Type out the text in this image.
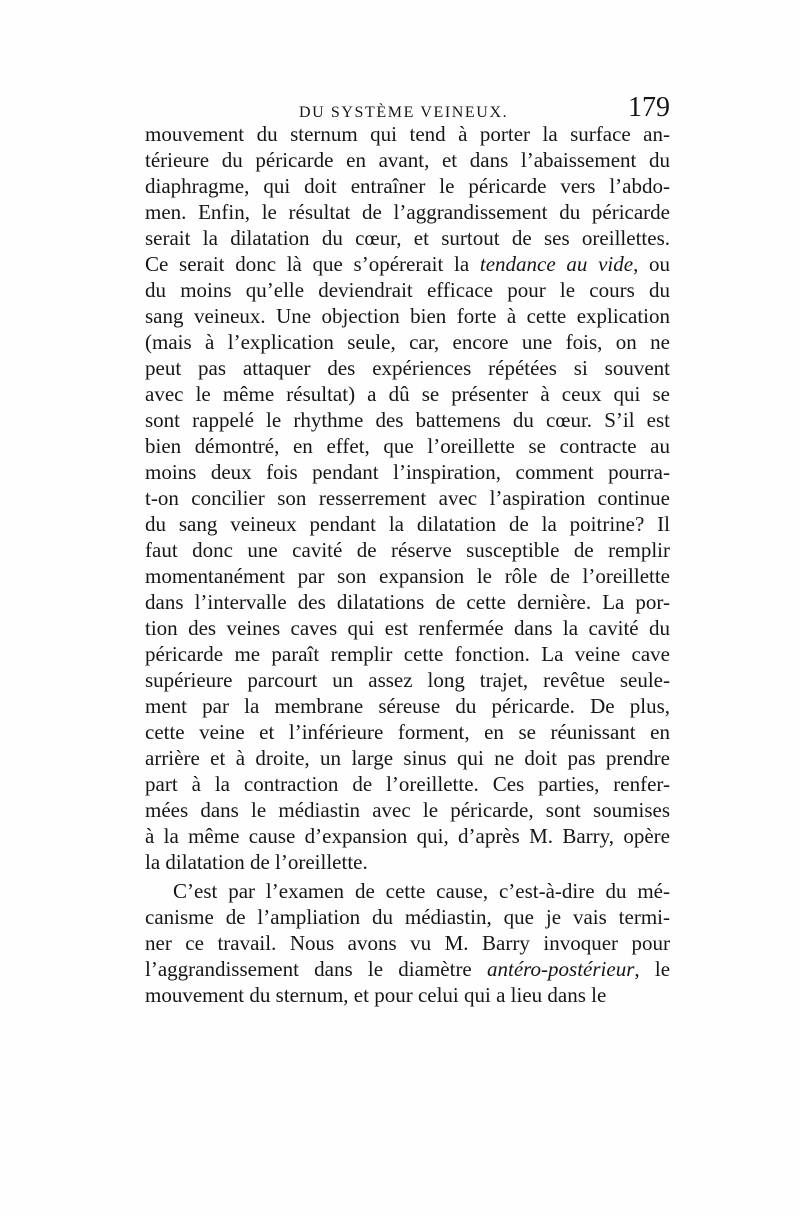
DU SYSTÈME VEINEUX.	179
mouvement du sternum qui tend à porter la surface an-
térieure du péricarde en avant, et dans l’abaissement du
diaphragme, qui doit entraîner le péricarde vers l’abdo-
men. Enfin, le résultat de l’aggrandissement du péricarde
serait la dilatation du cœur, et surtout de ses oreillettes.
Ce serait donc là que s’opérerait la tendance au vide, ou
du moins qu’elle deviendrait efficace pour le cours du
sang veineux. Une objection bien forte à cette explication
(mais à l’explication seule, car, encore une fois, on ne
peut pas attaquer des expériences répétées si souvent
avec le même résultat) a dû se présenter à ceux qui se
sont rappelé le rhythme des battemens du cœur. S’il est
bien démontré, en effet, que l’oreillette se contracte au
moins deux fois pendant l’inspiration, comment pourra-
t-on concilier son resserrement avec l’aspiration continue
du sang veineux pendant la dilatation de la poitrine? Il
faut donc une cavité de réserve susceptible de remplir
momentanément par son expansion le rôle de l’oreillette
dans l’intervalle des dilatations de cette dernière. La por-
tion des veines caves qui est renfermée dans la cavité du
péricarde me paraît remplir cette fonction. La veine cave
supérieure parcourt un assez long trajet, revêtue seule-
ment par la membrane séreuse du péricarde. De plus,
cette veine et l’inférieure forment, en se réunissant en
arrière et à droite, un large sinus qui ne doit pas prendre
part à la contraction de l’oreillette. Ces parties, renfer-
mées dans le médiastin avec le péricarde, sont soumises
à la même cause d’expansion qui, d’après M. Barry, opère
la dilatation de l’oreillette.
C’est par l’examen de cette cause, c’est-à-dire du mé-
canisme de l’ampliation du médiastin, que je vais termi-
ner ce travail. Nous avons vu M. Barry invoquer pour
l’aggrandissement dans le diamètre antéro-postérieur, le
mouvement du sternum, et pour celui qui a lieu dans le
